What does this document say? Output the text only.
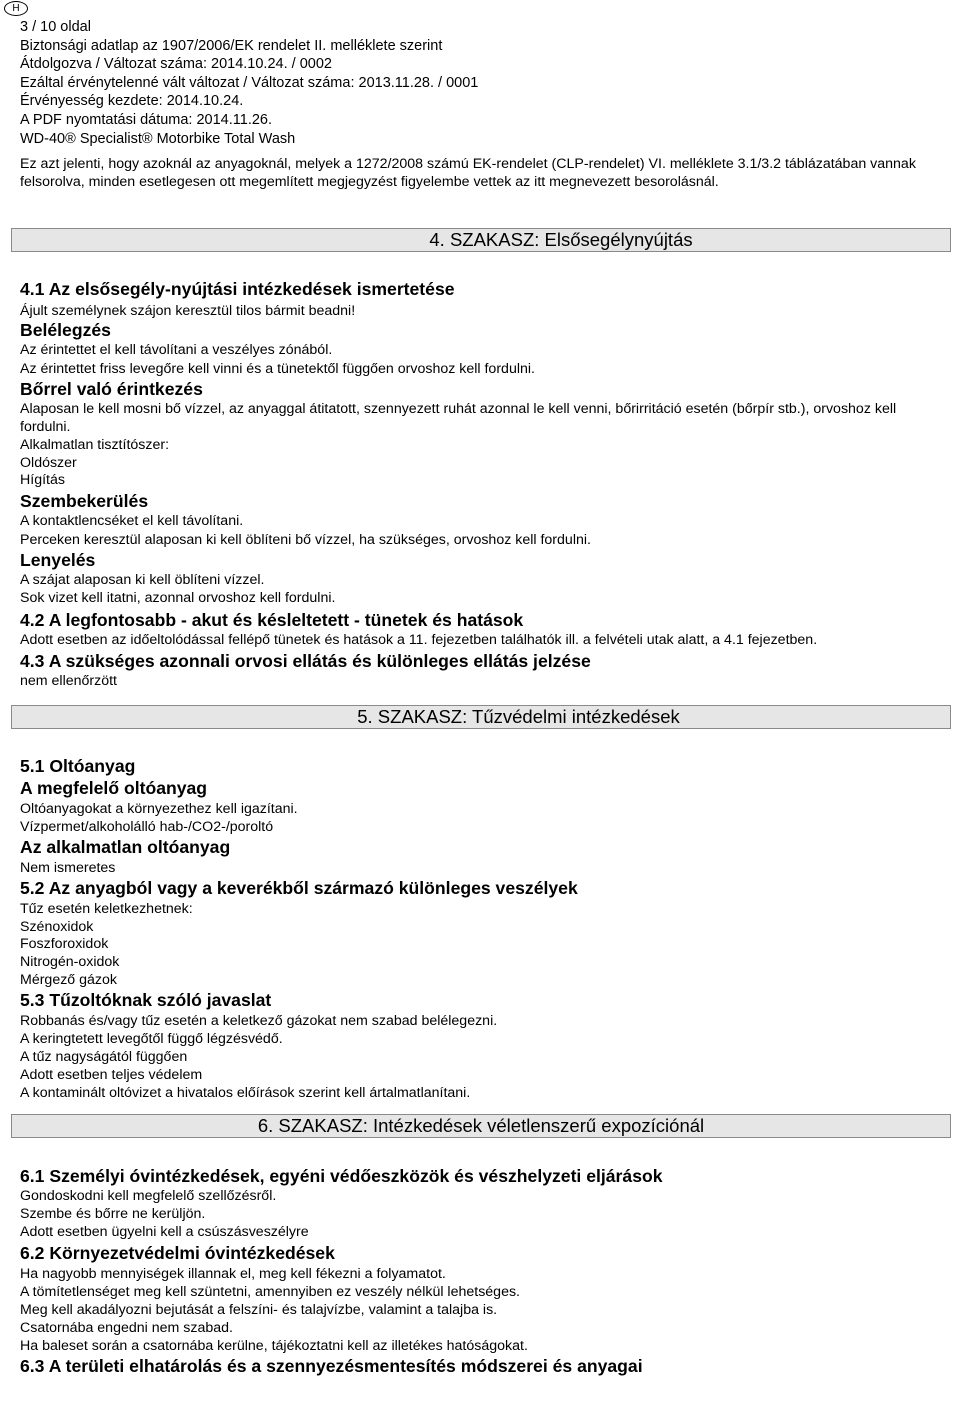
H
3 / 10 oldal
Biztonsági adatlap az 1907/2006/EK rendelet II. melléklete szerint
Átdolgozva / Változat száma: 2014.10.24. / 0002
Ezáltal érvénytelenné vált változat / Változat száma: 2013.11.28. / 0001
Érvényesség kezdete: 2014.10.24.
A PDF nyomtatási dátuma: 2014.11.26.
WD-40® Specialist® Motorbike Total Wash
Ez azt jelenti, hogy azoknál az anyagoknál, melyek a 1272/2008 számú EK-rendelet (CLP-rendelet) VI. melléklete 3.1/3.2 táblázatában vannak felsorolva, minden esetlegesen ott megemlített megjegyzést figyelembe vettek az itt megnevezett besorolásnál.
4. SZAKASZ: Elsősegélynyújtás
4.1 Az elsősegély-nyújtási intézkedések ismertetése
Ájult személynek szájon keresztül tilos bármit beadni!
Belélegzés
Az érintettet el kell távolítani a veszélyes zónából.
Az érintettet friss levegőre kell vinni és a tünetektől függően orvoshoz kell fordulni.
Bőrrel való érintkezés
Alaposan le kell mosni bő vízzel, az anyaggal átitatott, szennyezett ruhát azonnal le kell venni, bőrirritáció esetén (bőrpír stb.), orvoshoz kell fordulni.
Alkalmatlan tisztítószer:
Oldószer
Hígítás
Szembekerülés
A kontaktlencséket el kell távolítani.
Perceken keresztül alaposan ki kell öblíteni bő vízzel, ha szükséges, orvoshoz kell fordulni.
Lenyelés
A szájat alaposan ki kell öblíteni vízzel.
Sok vizet kell itatni, azonnal orvoshoz kell fordulni.
4.2 A legfontosabb - akut és késleltetett - tünetek és hatások
Adott esetben az időeltolódással fellépő tünetek és hatások a 11. fejezetben találhatók ill. a felvételi utak alatt, a 4.1 fejezetben.
4.3 A szükséges azonnali orvosi ellátás és különleges ellátás jelzése
nem ellenőrzött
5. SZAKASZ: Tűzvédelmi intézkedések
5.1 Oltóanyag
A megfelelő oltóanyag
Oltóanyagokat a környezethez kell igazítani.
Vízpermet/alkoholálló hab-/CO2-/poroltó
Az alkalmatlan oltóanyag
Nem ismeretes
5.2 Az anyagból vagy a keverékből származó különleges veszélyek
Tűz esetén keletkezhetnek:
Szénoxidok
Foszforoxidok
Nitrogén-oxidok
Mérgező gázok
5.3 Tűzoltóknak szóló javaslat
Robbanás és/vagy tűz esetén a keletkező gázokat nem szabad belélegezni.
A keringtetett levegőtől függő légzésvédő.
A tűz nagyságától függően
Adott esetben teljes védelem
A kontaminált oltóvizet a hivatalos előírások szerint kell ártalmatlanítani.
6. SZAKASZ: Intézkedések véletlenszerű expozíciónál
6.1 Személyi óvintézkedések, egyéni védőeszközök és vészhelyzeti eljárások
Gondoskodni kell megfelelő szellőzésről.
Szembe és bőrre ne kerüljön.
Adott esetben ügyelni kell a csúszásveszélyre
6.2 Környezetvédelmi óvintézkedések
Ha nagyobb mennyiségek illannak el, meg kell fékezni a folyamatot.
A tömítetlenséget meg kell szüntetni, amennyiben ez veszély nélkül lehetséges.
Meg kell akadályozni bejutását a felszíni- és talajvízbe, valamint a talajba is.
Csatornába engedni nem szabad.
Ha baleset során a csatornába kerülne, tájékoztatni kell az illetékes hatóságokat.
6.3 A területi elhatárolás és a szennyezésmentesítés módszerei és anyagai
